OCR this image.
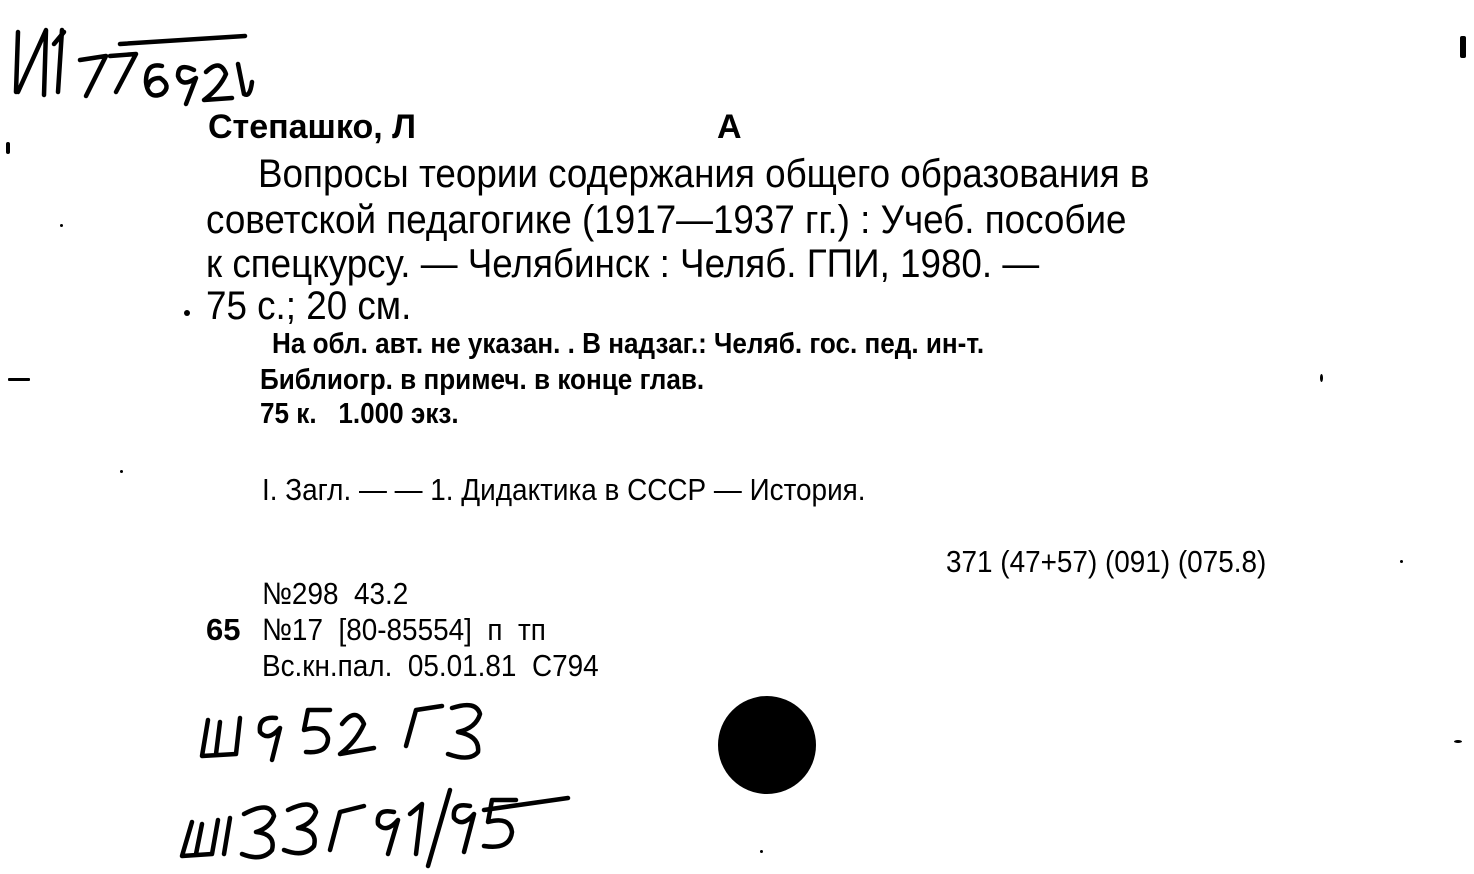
Степашко, Л	А
Вопросы теории содержания общего образования в
советской педагогике (1917—1937 гг.) : Учеб. пособие
к спецкурсу. — Челябинск : Челяб. ГПИ, 1980. —
75 с.; 20 см.
На обл. авт. не указан. . В надзаг.: Челяб. гос. пед. ин-т.
Библиогр. в примеч. в конце глав.
75 к.   1.000 экз.
I. Загл. — — 1. Дидактика в СССР — История.
371 (47+57) (091) (075.8)
№298  43.2
65 №17  [80-85554]  п  тп
Вс.кн.пал.  05.01.81  С794
